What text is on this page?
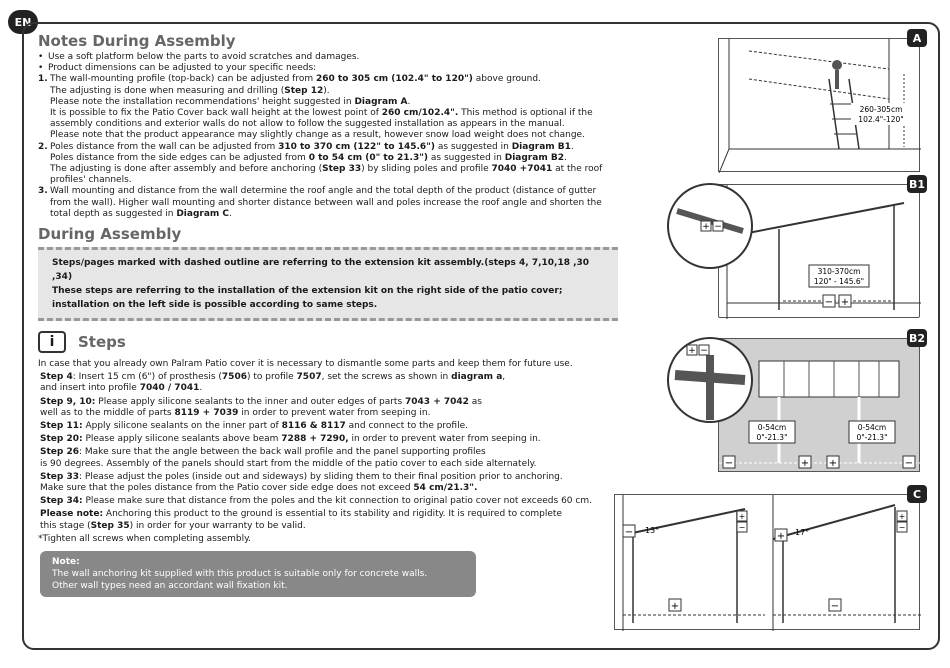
EN
Notes During Assembly
• Use a soft platform below the parts to avoid scratches and damages.
• Product dimensions can be adjusted to your specific needs:
1. The wall-mounting profile (top-back) can be adjusted from 260 to 305 cm (102.4" to 120") above ground.
The adjusting is done when measuring and drilling (Step 12).
Please note the installation recommendations' height suggested in Diagram A.
It is possible to fix the Patio Cover back wall height at the lowest point of 260 cm/102.4". This method is optional if the assembly conditions and exterior walls do not allow to follow the suggested installation as appears in the manual.
Please note that the product appearance may slightly change as a result, however snow load weight does not change.
2. Poles distance from the wall can be adjusted from 310 to 370 cm (122" to 145.6") as suggested in Diagram B1.
Poles distance from the side edges can be adjusted from 0 to 54 cm (0" to 21.3") as suggested in Diagram B2.
The adjusting is done after assembly and before anchoring (Step 33) by sliding poles and profile 7040 +7041 at the roof profiles' channels.
3. Wall mounting and distance from the wall determine the roof angle and the total depth of the product (distance of gutter from the wall). Higher wall mounting and shorter distance between wall and poles increase the roof angle and shorten the total depth as suggested in Diagram C.
During Assembly
Steps/pages marked with dashed outline are referring to the extension kit assembly.(steps 4, 7,10,18 ,30 ,34)
These steps are referring to the installation of the extension kit on the right side of the patio cover;
installation on the left side is possible according to same steps.
i	Steps
In case that you already own Palram Patio cover it is necessary to dismantle some parts and keep them for future use.
Step 4: Insert 15 cm (6") of prosthesis (7506) to profile 7507, set the screws as shown in diagram a,
and insert into profile 7040 / 7041.
Step 9, 10: Please apply silicone sealants to the inner and outer edges of parts 7043 + 7042 as
well as to the middle of parts 8119 + 7039 in order to prevent water from seeping in.
Step 11: Apply silicone sealants on the inner part of 8116 & 8117 and connect to the profile.
Step 20: Please apply silicone sealants above beam 7288 + 7290, in order to prevent water from seeping in.
Step 26: Make sure that the angle between the back wall profile and the panel supporting profiles
is 90 degrees. Assembly of the panels should start from the middle of the patio cover to each side alternately.
Step 33: Please adjust the poles (inside out and sideways) by sliding them to their final position prior to anchoring.
Make sure that the poles distance from the Patio cover side edge does not exceed 54 cm/21.3".
Step 34: Please make sure that distance from the poles and the kit connection to original patio cover not exceeds 60 cm.
Please note: Anchoring this product to the ground is essential to its stability and rigidity. It is required to complete
this stage (Step 35) in order for your warranty to be valid.
*Tighten all screws when completing assembly.
Note:
The wall anchoring kit supplied with this product is suitable only for concrete walls.
Other wall types need an accordant wall fixation kit.
260-305cm
102.4"-120"
A
310-370cm
120" - 145.6"
− +
+ −
B1
0-54cm
0"-21.3"
0-54cm
0"-21.3"
−	+ +	−
+ −
B2
+
− 13°
+
−
−
+ 17°
+
−
C
